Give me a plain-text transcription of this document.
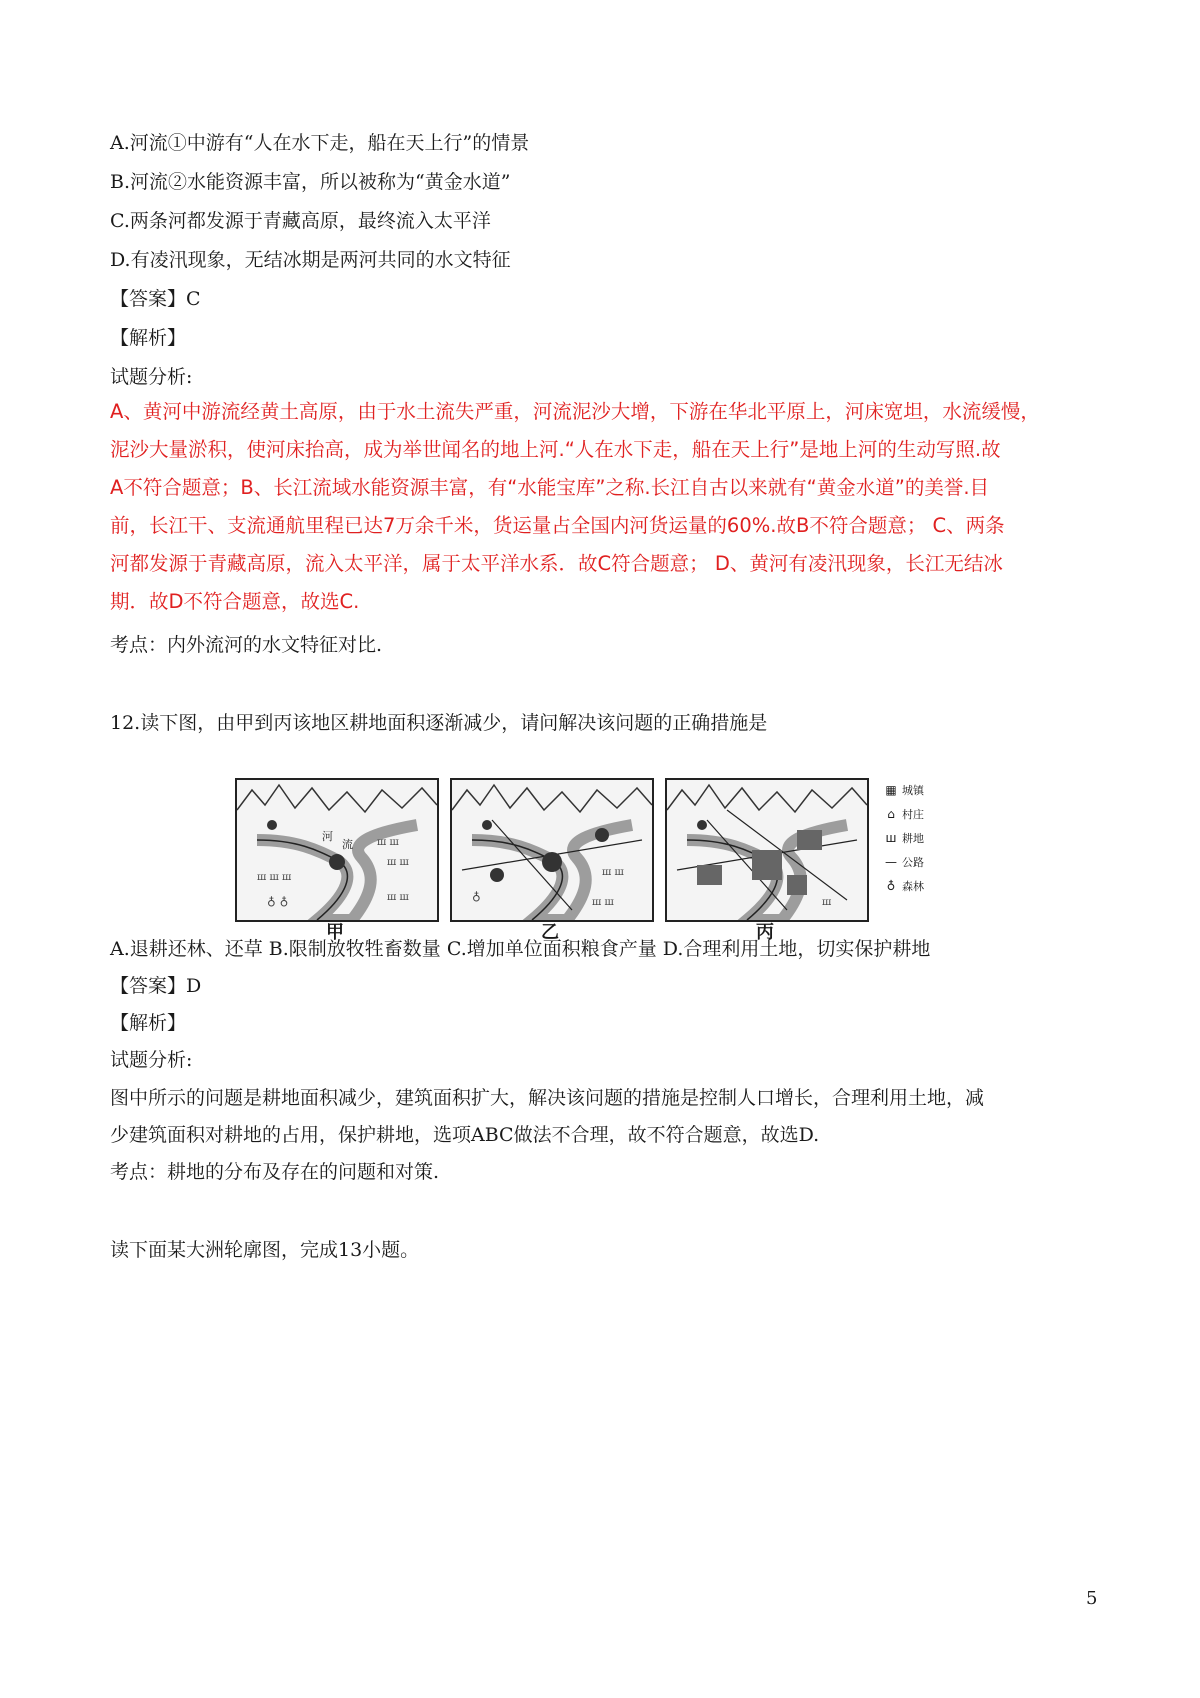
A.河流①中游有“人在水下走，船在天上行”的情景
B.河流②水能资源丰富，所以被称为“黄金水道”
C.两条河都发源于青藏高原，最终流入太平洋
D.有凌汛现象，无结冰期是两河共同的水文特征
【答案】C
【解析】
试题分析:
A、黄河中游流经黄土高原，由于水土流失严重，河流泥沙大增，下游在华北平原上，河床宽坦，水流缓慢，
泥沙大量淤积，使河床抬高，成为举世闻名的地上河.“人在水下走，船在天上行”是地上河的生动写照.故
A不符合题意；B、长江流域水能资源丰富，有“水能宝库”之称.长江自古以来就有“黄金水道”的美誉.目
前，长江干、支流通航里程已达7万余千米，货运量占全国内河货运量的60%.故B不符合题意； C、两条
河都发源于青藏高原，流入太平洋，属于太平洋水系．故C符合题意； D、黄河有凌汛现象，长江无结冰
期．故D不符合题意，故选C.
考点：内外流河的水文特征对比.
12.读下图，由甲到丙该地区耕地面积逐渐减少，请问解决该问题的正确措施是
ш ш
ш ш
ш ш ш
♁ ♁	ш ш
河
流
甲
ш ш
♁	ш ш
乙
ш
丙
▦ 城镇
⌂ 村庄
ш 耕地
— 公路
♁ 森林
A.退耕还林、还草 B.限制放牧牲畜数量 C.增加单位面积粮食产量 D.合理利用土地，切实保护耕地
【答案】D
【解析】
试题分析:
图中所示的问题是耕地面积减少，建筑面积扩大，解决该问题的措施是控制人口增长，合理利用土地，减
少建筑面积对耕地的占用，保护耕地，选项ABC做法不合理，故不符合题意，故选D.
考点：耕地的分布及存在的问题和对策.
读下面某大洲轮廓图，完成13小题。
5
